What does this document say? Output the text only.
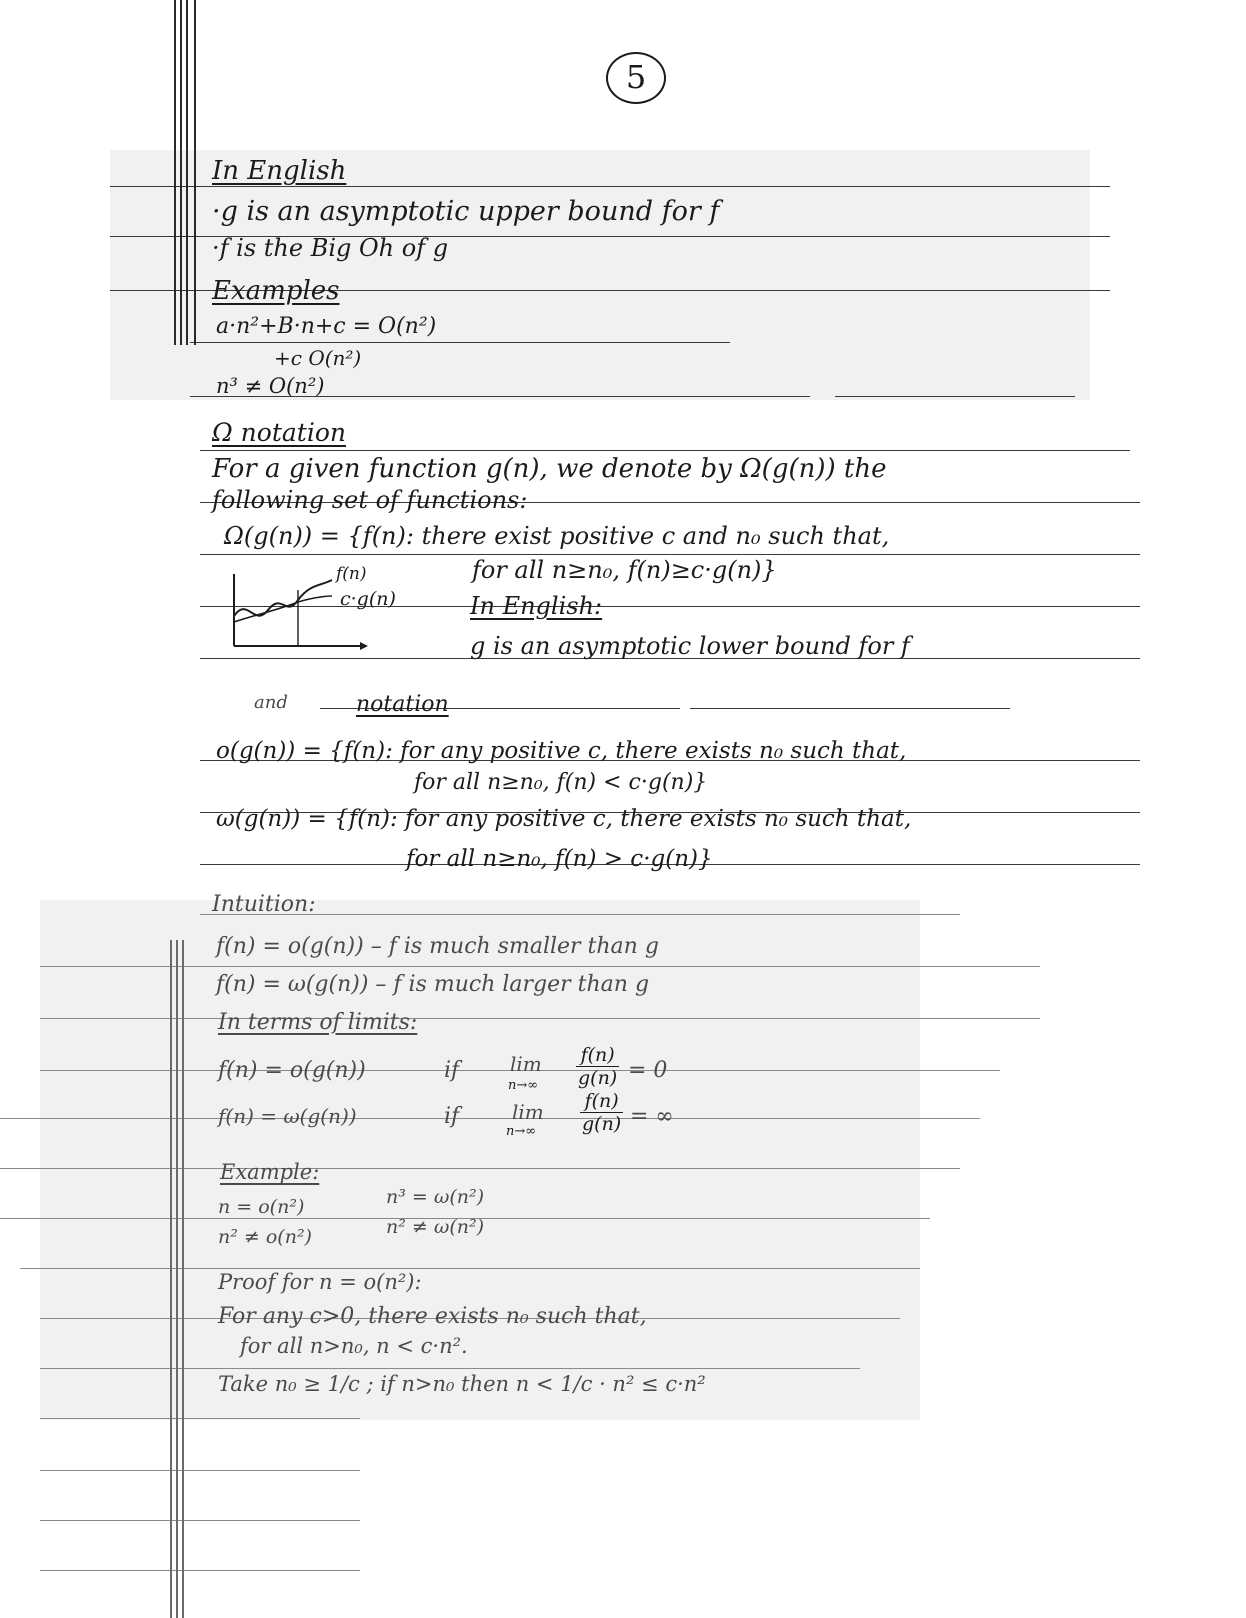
5
In English
·g is an asymptotic upper bound for f
·f is the Big Oh of g
Examples
a·n²+B·n+c = O(n²)
+c O(n²)
n³ ≠ O(n²)
Ω notation
For a given function g(n), we denote by Ω(g(n)) the
following set of functions:
Ω(g(n)) = {f(n): there exist positive c and n₀ such that,
for all n≥n₀, f(n)≥c·g(n)}
f(n)
c·g(n)	In English:
g is an asymptotic lower bound for f
and	notation
o(g(n)) = {f(n): for any positive c, there exists n₀ such that,
for all n≥n₀, f(n) < c·g(n)}
ω(g(n)) = {f(n): for any positive c, there exists n₀ such that,
for all n≥n₀, f(n) > c·g(n)}
Intuition:
f(n) = o(g(n)) – f is much smaller than g
f(n) = ω(g(n)) – f is much larger than g
In terms of limits:
f(n) = o(g(n))	if	lim
$n\to\infty \frac{f(n)}{g(n)} = 0$
f(n) = ω(g(n))	if	lim
$n\to\infty \frac{f(n)}{g(n)}$ = ∞
Example:
n = o(n²)
n² ≠ o(n²)
n³ = ω(n²)
n² ≠ ω(n²)
Proof for n = o(n²):
For any c>0, there exists n₀ such that,
for all n>n₀, n < c·n².
Take n₀ ≥ 1/c ; if n>n₀ then n < 1/c · n² ≤ c·n²
